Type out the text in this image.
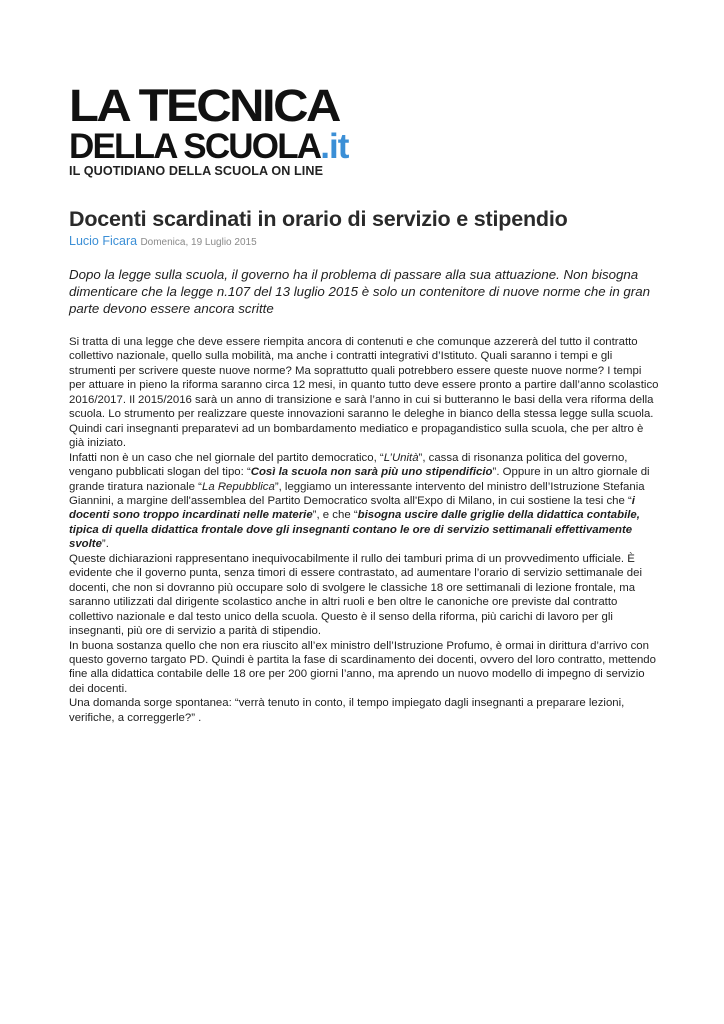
LA TECNICA
DELLA SCUOLA.it
IL QUOTIDIANO DELLA SCUOLA ON LINE
Docenti scardinati in orario di servizio e stipendio
Lucio Ficara Domenica, 19 Luglio 2015
Dopo la legge sulla scuola, il governo ha il problema di passare alla sua attuazione. Non bisogna dimenticare che la legge n.107 del 13 luglio 2015 è solo un contenitore di nuove norme che in gran parte devono essere ancora scritte

Si tratta di una legge che deve essere riempita ancora di contenuti e che comunque azzererà del tutto il contratto collettivo nazionale, quello sulla mobilità, ma anche i contratti integrativi d’Istituto. Quali saranno i tempi e gli strumenti per scrivere queste nuove norme? Ma soprattutto quali potrebbero essere queste nuove norme? I tempi per attuare in pieno la riforma saranno circa 12 mesi, in quanto tutto deve essere pronto a partire dall’anno scolastico 2016/2017. Il 2015/2016 sarà un anno di transizione e sarà l’anno in cui si butteranno le basi della vera riforma della scuola. Lo strumento per realizzare queste innovazioni saranno le deleghe in bianco della stessa legge sulla scuola. Quindi cari insegnanti preparatevi ad un bombardamento mediatico e propagandistico sulla scuola, che per altro è già iniziato.

Infatti non è un caso che nel giornale del partito democratico, “L’Unità”, cassa di risonanza politica del governo, vengano pubblicati slogan del tipo: “Così la scuola non sarà più uno stipendificio”. Oppure in un altro giornale di grande tiratura nazionale “La Repubblica”, leggiamo un interessante intervento del ministro dell’Istruzione Stefania Giannini, a margine dell'assemblea del Partito Democratico svolta all'Expo di Milano, in cui sostiene la tesi che “i docenti sono troppo incardinati nelle materie”, e che “bisogna uscire dalle griglie della didattica contabile, tipica di quella didattica frontale dove gli insegnanti contano le ore di servizio settimanali effettivamente svolte”.

Queste dichiarazioni rappresentano inequivocabilmente il rullo dei tamburi prima di un provvedimento ufficiale. È evidente che il governo punta, senza timori di essere contrastato, ad aumentare l’orario di servizio settimanale dei docenti, che non si dovranno più occupare solo di svolgere le classiche 18 ore settimanali di lezione frontale, ma saranno utilizzati dal dirigente scolastico anche in altri ruoli e ben oltre le canoniche ore previste dal contratto collettivo nazionale e dal testo unico della scuola. Questo è il senso della riforma, più carichi di lavoro per gli insegnanti, più ore di servizio a parità di stipendio.

In buona sostanza quello che non era riuscito all’ex ministro dell’Istruzione Profumo, è ormai in dirittura d’arrivo con questo governo targato PD. Quindi è partita la fase di scardinamento dei docenti, ovvero del loro contratto, mettendo fine alla didattica contabile delle 18 ore per 200 giorni l’anno, ma aprendo un nuovo modello di impegno di servizio dei docenti.

Una domanda sorge spontanea: “verrà tenuto in conto, il tempo impiegato dagli insegnanti a preparare lezioni, verifiche, a correggerle?” .
